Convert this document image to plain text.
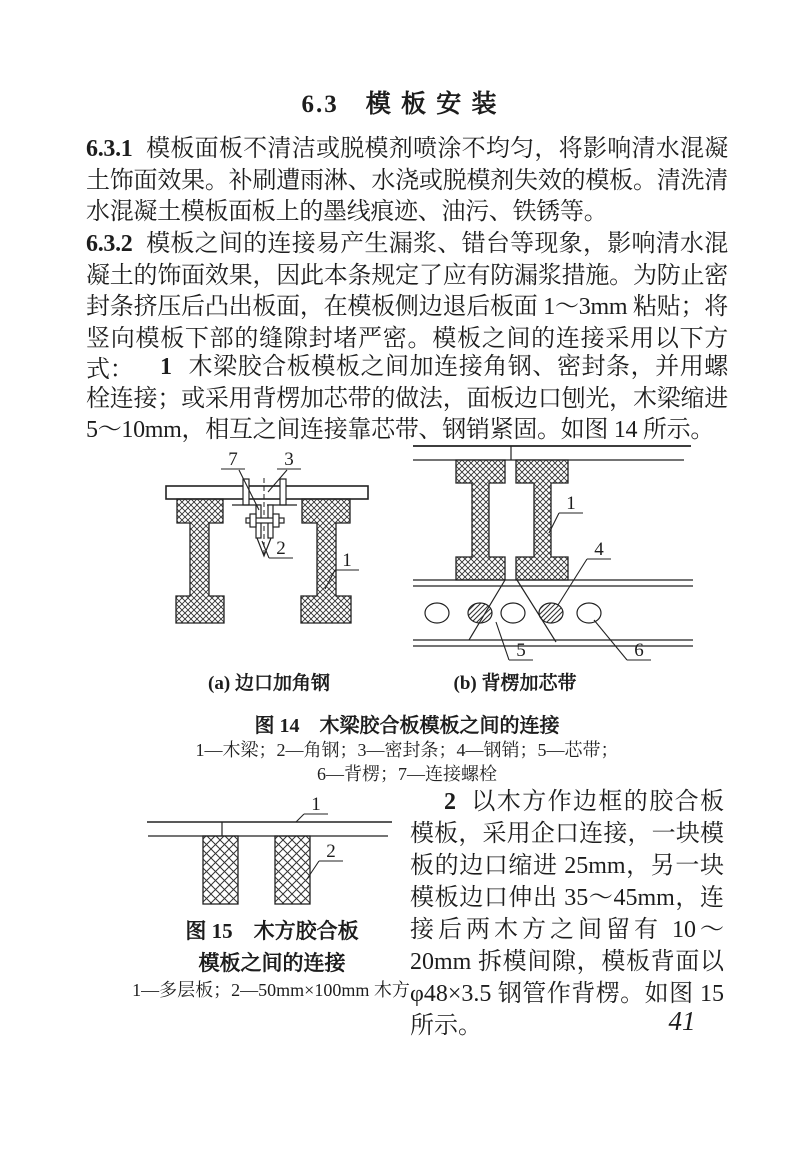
6.3　模 板 安 装

6.3.1 模板面板不清洁或脱模剂喷涂不均匀，将影响清水混凝土饰面效果。补刷遭雨淋、水浇或脱模剂失效的模板。清洗清水混凝土模板面板上的墨线痕迹、油污、铁锈等。

6.3.2 模板之间的连接易产生漏浆、错台等现象，影响清水混凝土的饰面效果，因此本条规定了应有防漏浆措施。为防止密封条挤压后凸出板面，在模板侧边退后板面 1～3mm 粘贴；将竖向模板下部的缝隙封堵严密。模板之间的连接采用以下方式：	1 木梁胶合板模板之间加连接角钢、密封条，并用螺栓连接；或采用背楞加芯带的做法，面板边口刨光，木梁缩进5～10mm，相互之间连接靠芯带、钢销紧固。如图 14 所示。

7 3
2
1
1
4
5	6
(a) 边口加角钢	(b) 背楞加芯带
图 14　木梁胶合板模板之间的连接
1—木梁；2—角钢；3—密封条；4—钢销；5—芯带；
6—背楞；7—连接螺栓
1
2
图 15　木方胶合板
模板之间的连接
1—多层板；2—50mm×100mm 木方

2 以木方作边框的胶合板模板，采用企口连接，一块模板的边口缩进 25mm，另一块模板边口伸出 35～45mm，连接后两木方之间留有 10～20mm 拆模间隙，模板背面以 φ48×3.5 钢管作背楞。如图 15 所示。	41
